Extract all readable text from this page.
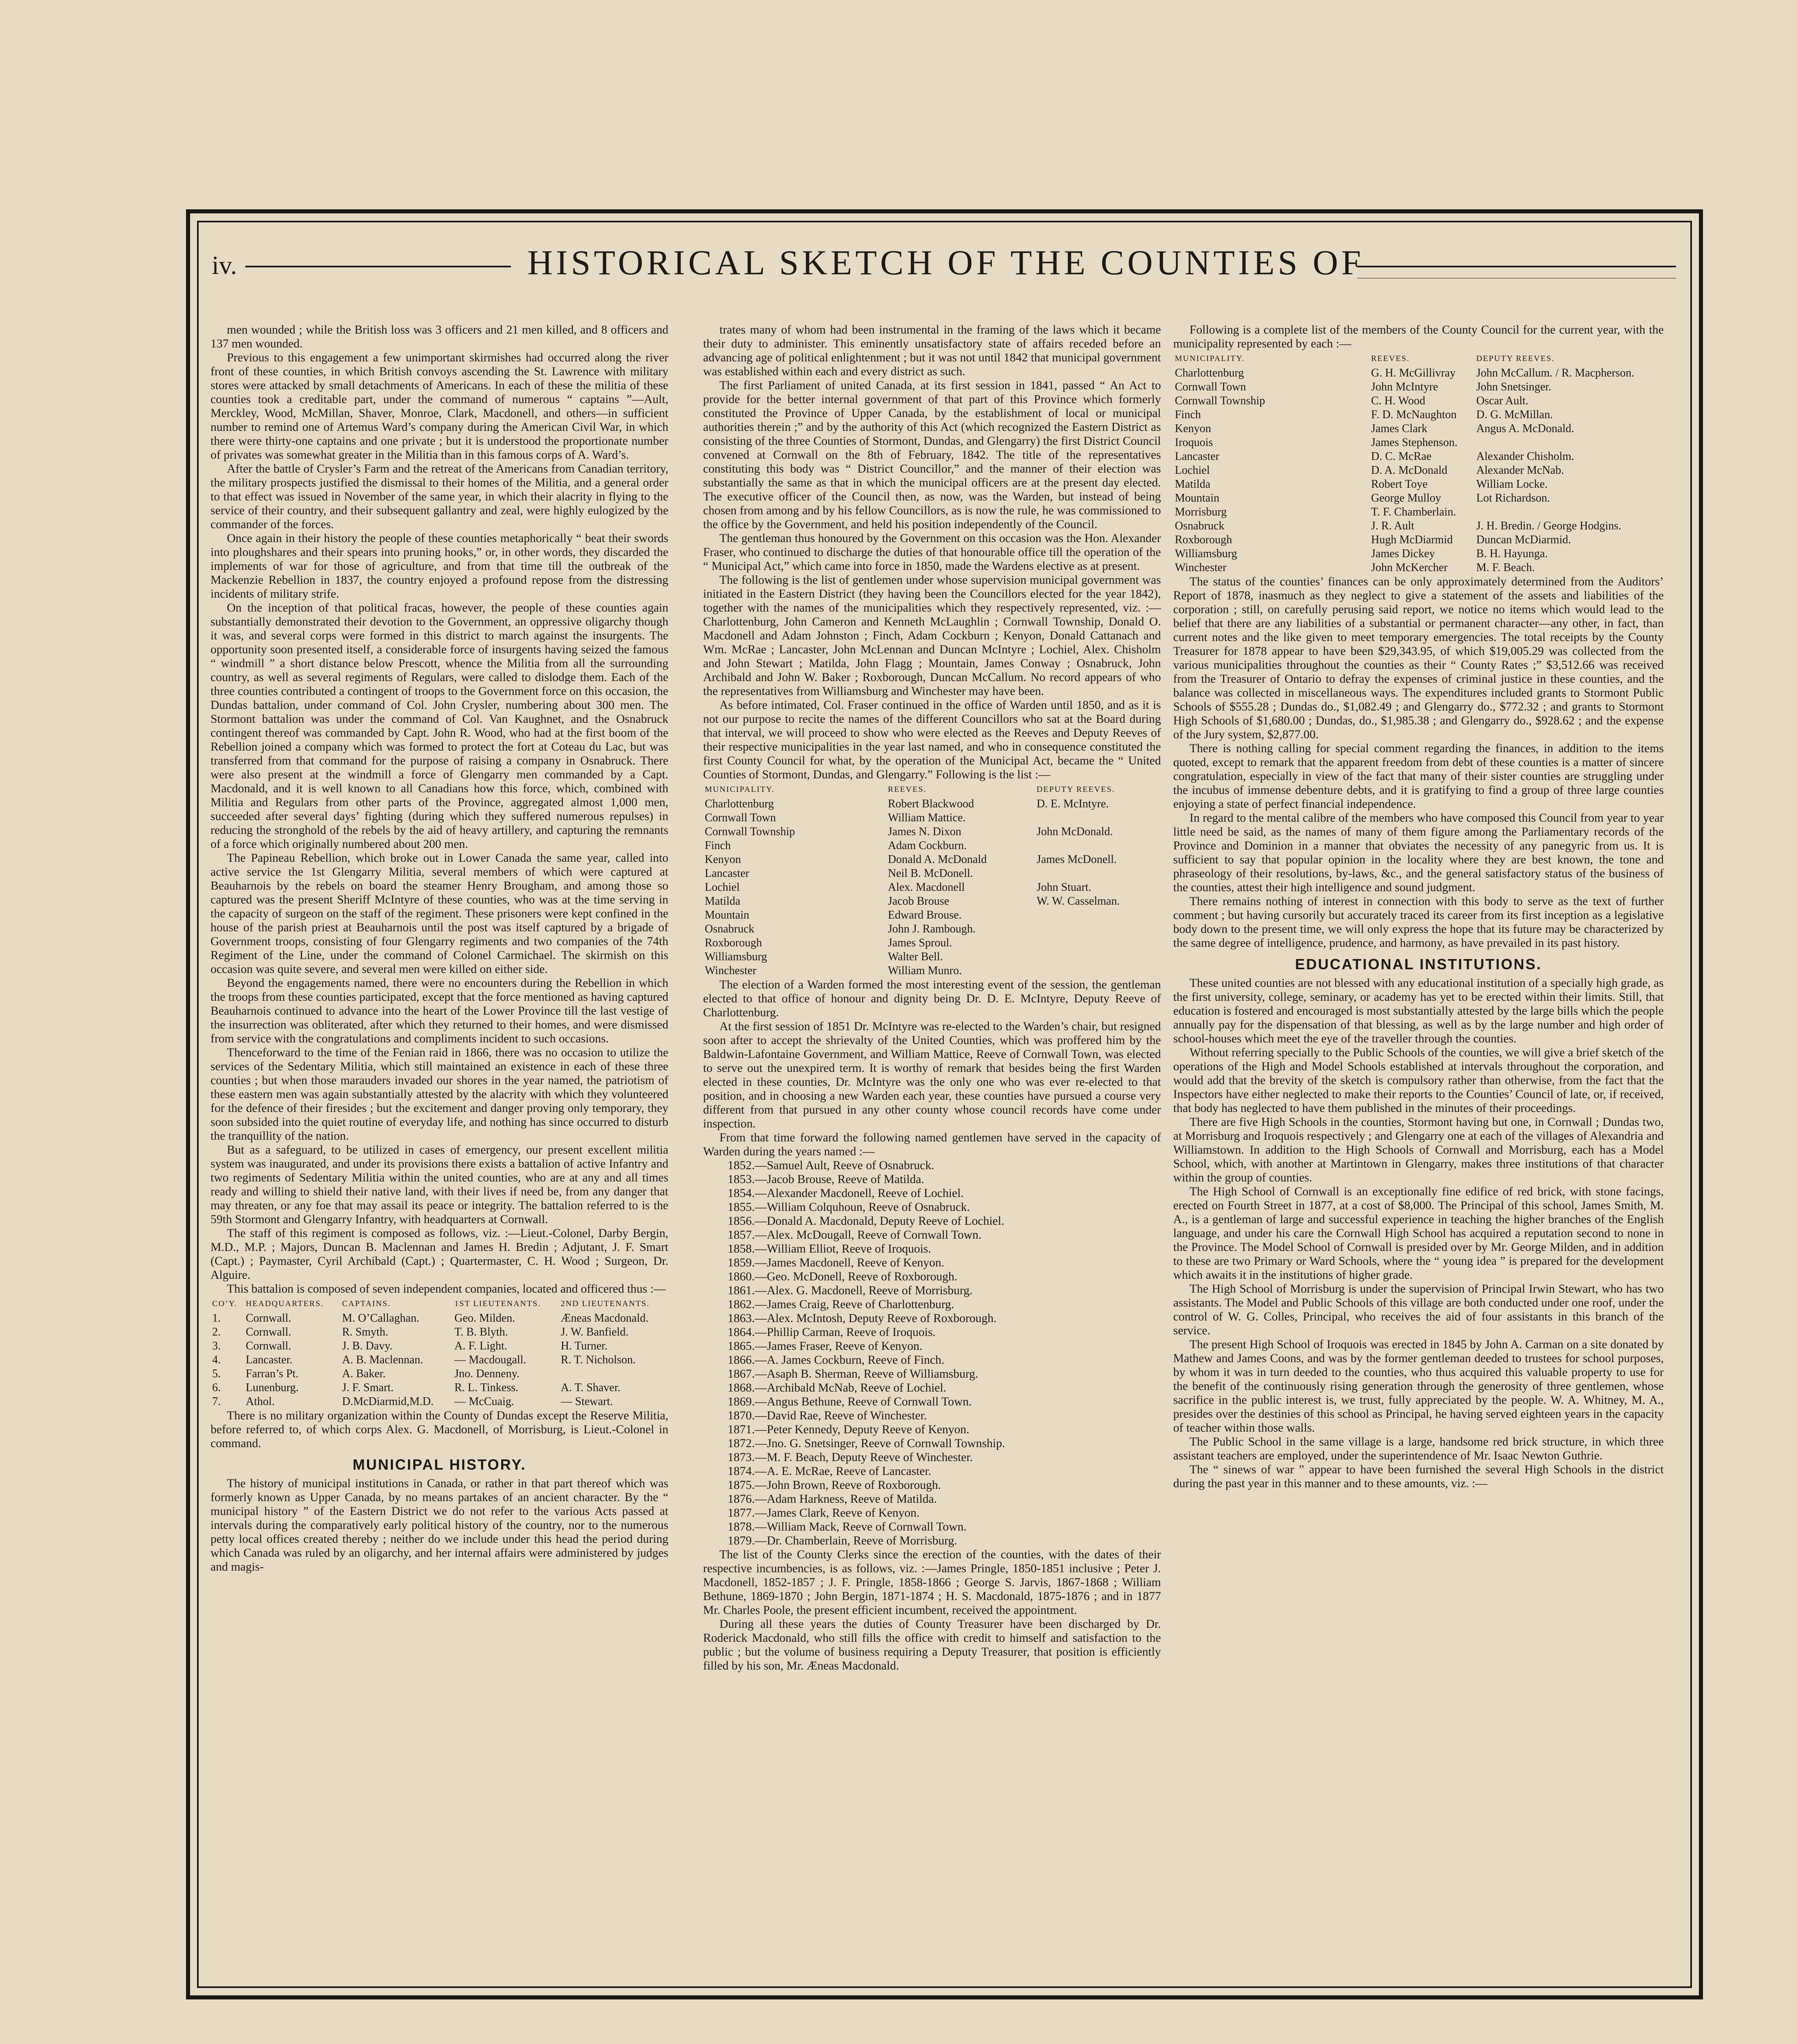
iv.	HISTORICAL SKETCH OF THE COUNTIES OF

men wounded ; while the British loss was 3 officers and 21 men killed, and 8 officers and 137 men wounded.

Previous to this engagement a few unimportant skirmishes had occurred along the river front of these counties, in which British convoys ascending the St. Lawrence with military stores were attacked by small detachments of Americans. In each of these the militia of these counties took a creditable part, under the command of numerous “ captains ”—Ault, Merckley, Wood, McMillan, Shaver, Monroe, Clark, Macdonell, and others—in sufficient number to remind one of Artemus Ward’s company during the American Civil War, in which there were thirty-one captains and one private ; but it is understood the proportionate number of privates was somewhat greater in the Militia than in this famous corps of A. Ward’s.

After the battle of Crysler’s Farm and the retreat of the Americans from Canadian territory, the military prospects justified the dismissal to their homes of the Militia, and a general order to that effect was issued in November of the same year, in which their alacrity in flying to the service of their country, and their subsequent gallantry and zeal, were highly eulogized by the commander of the forces.

Once again in their history the people of these counties metaphorically “ beat their swords into ploughshares and their spears into pruning hooks,” or, in other words, they discarded the implements of war for those of agriculture, and from that time till the outbreak of the Mackenzie Rebellion in 1837, the country enjoyed a profound repose from the distressing incidents of military strife.

On the inception of that political fracas, however, the people of these counties again substantially demonstrated their devotion to the Government, an oppressive oligarchy though it was, and several corps were formed in this district to march against the insurgents. The opportunity soon presented itself, a considerable force of insurgents having seized the famous “ windmill ” a short distance below Prescott, whence the Militia from all the surrounding country, as well as several regiments of Regulars, were called to dislodge them. Each of the three counties contributed a contingent of troops to the Government force on this occasion, the Dundas battalion, under command of Col. John Crysler, numbering about 300 men. The Stormont battalion was under the command of Col. Van Kaughnet, and the Osnabruck contingent thereof was commanded by Capt. John R. Wood, who had at the first boom of the Rebellion joined a company which was formed to protect the fort at Coteau du Lac, but was transferred from that command for the purpose of raising a company in Osnabruck. There were also present at the windmill a force of Glengarry men commanded by a Capt. Macdonald, and it is well known to all Canadians how this force, which, combined with Militia and Regulars from other parts of the Province, aggregated almost 1,000 men, succeeded after several days’ fighting (during which they suffered numerous repulses) in reducing the stronghold of the rebels by the aid of heavy artillery, and capturing the remnants of a force which originally numbered about 200 men.

The Papineau Rebellion, which broke out in Lower Canada the same year, called into active service the 1st Glengarry Militia, several members of which were captured at Beauharnois by the rebels on board the steamer Henry Brougham, and among those so captured was the present Sheriff McIntyre of these counties, who was at the time serving in the capacity of surgeon on the staff of the regiment. These prisoners were kept confined in the house of the parish priest at Beauharnois until the post was itself captured by a brigade of Government troops, consisting of four Glengarry regiments and two companies of the 74th Regiment of the Line, under the command of Colonel Carmichael. The skirmish on this occasion was quite severe, and several men were killed on either side.

Beyond the engagements named, there were no encounters during the Rebellion in which the troops from these counties participated, except that the force mentioned as having captured Beauharnois continued to advance into the heart of the Lower Province till the last vestige of the insurrection was obliterated, after which they returned to their homes, and were dismissed from service with the congratulations and compliments incident to such occasions.

Thenceforward to the time of the Fenian raid in 1866, there was no occasion to utilize the services of the Sedentary Militia, which still maintained an existence in each of these three counties ; but when those marauders invaded our shores in the year named, the patriotism of these eastern men was again substantially attested by the alacrity with which they volunteered for the defence of their firesides ; but the excitement and danger proving only temporary, they soon subsided into the quiet routine of everyday life, and nothing has since occurred to disturb the tranquillity of the nation.

But as a safeguard, to be utilized in cases of emergency, our present excellent militia system was inaugurated, and under its provisions there exists a battalion of active Infantry and two regiments of Sedentary Militia within the united counties, who are at any and all times ready and willing to shield their native land, with their lives if need be, from any danger that may threaten, or any foe that may assail its peace or integrity. The battalion referred to is the 59th Stormont and Glengarry Infantry, with headquarters at Cornwall.

The staff of this regiment is composed as follows, viz. :—Lieut.-Colonel, Darby Bergin, M.D., M.P. ; Majors, Duncan B. Maclennan and James H. Bredin ; Adjutant, J. F. Smart (Capt.) ; Paymaster, Cyril Archibald (Capt.) ; Quartermaster, C. H. Wood ; Surgeon, Dr. Alguire.

This battalion is composed of seven independent companies, located and officered thus :—

CO’Y.	HEADQUARTERS.	CAPTAINS.	1ST LIEUTENANTS.	2ND LIEUTENANTS.
1.	Cornwall.	M. O’Callaghan.	Geo. Milden.	Æneas Macdonald.
2.	Cornwall.	R. Smyth.	T. B. Blyth.	J. W. Banfield.
3.	Cornwall.	J. B. Davy.	A. F. Light.	H. Turner.
4.	Lancaster.	A. B. Maclennan.	— Macdougall.	R. T. Nicholson.
5.	Farran’s Pt.	A. Baker.	Jno. Denneny.	
6.	Lunenburg.	J. F. Smart.	R. L. Tinkess.	A. T. Shaver.
7.	Athol.	D.McDiarmid,M.D.	— McCuaig.	— Stewart.

There is no military organization within the County of Dundas except the Reserve Militia, before referred to, of which corps Alex. G. Macdonell, of Morrisburg, is Lieut.-Colonel in command.

MUNICIPAL HISTORY.

The history of municipal institutions in Canada, or rather in that part thereof which was formerly known as Upper Canada, by no means partakes of an ancient character. By the “ municipal history ” of the Eastern District we do not refer to the various Acts passed at intervals during the comparatively early political history of the country, nor to the numerous petty local offices created thereby ; neither do we include under this head the period during which Canada was ruled by an oligarchy, and her internal affairs were administered by judges and magis-

trates many of whom had been instrumental in the framing of the laws which it became their duty to administer. This eminently unsatisfactory state of affairs receded before an advancing age of political enlightenment ; but it was not until 1842 that municipal government was established within each and every district as such.

The first Parliament of united Canada, at its first session in 1841, passed “ An Act to provide for the better internal government of that part of this Province which formerly constituted the Province of Upper Canada, by the establishment of local or municipal authorities therein ;” and by the authority of this Act (which recognized the Eastern District as consisting of the three Counties of Stormont, Dundas, and Glengarry) the first District Council convened at Cornwall on the 8th of February, 1842. The title of the representatives constituting this body was “ District Councillor,” and the manner of their election was substantially the same as that in which the municipal officers are at the present day elected. The executive officer of the Council then, as now, was the Warden, but instead of being chosen from among and by his fellow Councillors, as is now the rule, he was commissioned to the office by the Government, and held his position independently of the Council.

The gentleman thus honoured by the Government on this occasion was the Hon. Alexander Fraser, who continued to discharge the duties of that honourable office till the operation of the “ Municipal Act,” which came into force in 1850, made the Wardens elective as at present.

The following is the list of gentlemen under whose supervision municipal government was initiated in the Eastern District (they having been the Councillors elected for the year 1842), together with the names of the municipalities which they respectively represented, viz. :—Charlottenburg, John Cameron and Kenneth McLaughlin ; Cornwall Township, Donald O. Macdonell and Adam Johnston ; Finch, Adam Cockburn ; Kenyon, Donald Cattanach and Wm. McRae ; Lancaster, John McLennan and Duncan McIntyre ; Lochiel, Alex. Chisholm and John Stewart ; Matilda, John Flagg ; Mountain, James Conway ; Osnabruck, John Archibald and John W. Baker ; Roxborough, Duncan McCallum. No record appears of who the representatives from Williamsburg and Winchester may have been.

As before intimated, Col. Fraser continued in the office of Warden until 1850, and as it is not our purpose to recite the names of the different Councillors who sat at the Board during that interval, we will proceed to show who were elected as the Reeves and Deputy Reeves of their respective municipalities in the year last named, and who in consequence constituted the first County Council for what, by the operation of the Municipal Act, became the “ United Counties of Stormont, Dundas, and Glengarry.” Following is the list :—

MUNICIPALITY.	REEVES.	DEPUTY REEVES.
Charlottenburg	Robert Blackwood	D. E. McIntyre.
Cornwall Town	William Mattice.	
Cornwall Township	James N. Dixon	John McDonald.
Finch	Adam Cockburn.	
Kenyon	Donald A. McDonald	James McDonell.
Lancaster	Neil B. McDonell.	
Lochiel	Alex. Macdonell	John Stuart.
Matilda	Jacob Brouse	W. W. Casselman.
Mountain	Edward Brouse.	
Osnabruck	John J. Rambough.	
Roxborough	James Sproul.	
Williamsburg	Walter Bell.	
Winchester	William Munro.	

The election of a Warden formed the most interesting event of the session, the gentleman elected to that office of honour and dignity being Dr. D. E. McIntyre, Deputy Reeve of Charlottenburg.

At the first session of 1851 Dr. McIntyre was re-elected to the Warden’s chair, but resigned soon after to accept the shrievalty of the United Counties, which was proffered him by the Baldwin-Lafontaine Government, and William Mattice, Reeve of Cornwall Town, was elected to serve out the unexpired term. It is worthy of remark that besides being the first Warden elected in these counties, Dr. McIntyre was the only one who was ever re-elected to that position, and in choosing a new Warden each year, these counties have pursued a course very different from that pursued in any other county whose council records have come under inspection.

From that time forward the following named gentlemen have served in the capacity of Warden during the years named :—

1852.—Samuel Ault, Reeve of Osnabruck.
1853.—Jacob Brouse, Reeve of Matilda.
1854.—Alexander Macdonell, Reeve of Lochiel.
1855.—William Colquhoun, Reeve of Osnabruck.
1856.—Donald A. Macdonald, Deputy Reeve of Lochiel.
1857.—Alex. McDougall, Reeve of Cornwall Town.
1858.—William Elliot, Reeve of Iroquois.
1859.—James Macdonell, Reeve of Kenyon.
1860.—Geo. McDonell, Reeve of Roxborough.
1861.—Alex. G. Macdonell, Reeve of Morrisburg.
1862.—James Craig, Reeve of Charlottenburg.
1863.—Alex. McIntosh, Deputy Reeve of Roxborough.
1864.—Phillip Carman, Reeve of Iroquois.
1865.—James Fraser, Reeve of Kenyon.
1866.—A. James Cockburn, Reeve of Finch.
1867.—Asaph B. Sherman, Reeve of Williamsburg.
1868.—Archibald McNab, Reeve of Lochiel.
1869.—Angus Bethune, Reeve of Cornwall Town.
1870.—David Rae, Reeve of Winchester.
1871.—Peter Kennedy, Deputy Reeve of Kenyon.
1872.—Jno. G. Snetsinger, Reeve of Cornwall Township.
1873.—M. F. Beach, Deputy Reeve of Winchester.
1874.—A. E. McRae, Reeve of Lancaster.
1875.—John Brown, Reeve of Roxborough.
1876.—Adam Harkness, Reeve of Matilda.
1877.—James Clark, Reeve of Kenyon.
1878.—William Mack, Reeve of Cornwall Town.
1879.—Dr. Chamberlain, Reeve of Morrisburg.

The list of the County Clerks since the erection of the counties, with the dates of their respective incumbencies, is as follows, viz. :—James Pringle, 1850-1851 inclusive ; Peter J. Macdonell, 1852-1857 ; J. F. Pringle, 1858-1866 ; George S. Jarvis, 1867-1868 ; William Bethune, 1869-1870 ; John Bergin, 1871-1874 ; H. S. Macdonald, 1875-1876 ; and in 1877 Mr. Charles Poole, the present efficient incumbent, received the appointment.

During all these years the duties of County Treasurer have been discharged by Dr. Roderick Macdonald, who still fills the office with credit to himself and satisfaction to the public ; but the volume of business requiring a Deputy Treasurer, that position is efficiently filled by his son, Mr. Æneas Macdonald.

Following is a complete list of the members of the County Council for the current year, with the municipality represented by each :—

MUNICIPALITY.	REEVES.	DEPUTY REEVES.
Charlottenburg	G. H. McGillivray	John McCallum. / R. Macpherson.
Cornwall Town	John McIntyre	John Snetsinger.
Cornwall Township	C. H. Wood	Oscar Ault.
Finch	F. D. McNaughton	D. G. McMillan.
Kenyon	James Clark	Angus A. McDonald.
Iroquois	James Stephenson.	
Lancaster	D. C. McRae	Alexander Chisholm.
Lochiel	D. A. McDonald	Alexander McNab.
Matilda	Robert Toye	William Locke.
Mountain	George Mulloy	Lot Richardson.
Morrisburg	T. F. Chamberlain.	
Osnabruck	J. R. Ault	J. H. Bredin. / George Hodgins.
Roxborough	Hugh McDiarmid	Duncan McDiarmid.
Williamsburg	James Dickey	B. H. Hayunga.
Winchester	John McKercher	M. F. Beach.

The status of the counties’ finances can be only approximately determined from the Auditors’ Report of 1878, inasmuch as they neglect to give a statement of the assets and liabilities of the corporation ; still, on carefully perusing said report, we notice no items which would lead to the belief that there are any liabilities of a substantial or permanent character—any other, in fact, than current notes and the like given to meet temporary emergencies. The total receipts by the County Treasurer for 1878 appear to have been $29,343.95, of which $19,005.29 was collected from the various municipalities throughout the counties as their “ County Rates ;” $3,512.66 was received from the Treasurer of Ontario to defray the expenses of criminal justice in these counties, and the balance was collected in miscellaneous ways. The expenditures included grants to Stormont Public Schools of $555.28 ; Dundas do., $1,082.49 ; and Glengarry do., $772.32 ; and grants to Stormont High Schools of $1,680.00 ; Dundas, do., $1,985.38 ; and Glengarry do., $928.62 ; and the expense of the Jury system, $2,877.00.

There is nothing calling for special comment regarding the finances, in addition to the items quoted, except to remark that the apparent freedom from debt of these counties is a matter of sincere congratulation, especially in view of the fact that many of their sister counties are struggling under the incubus of immense debenture debts, and it is gratifying to find a group of three large counties enjoying a state of perfect financial independence.

In regard to the mental calibre of the members who have composed this Council from year to year little need be said, as the names of many of them figure among the Parliamentary records of the Province and Dominion in a manner that obviates the necessity of any panegyric from us. It is sufficient to say that popular opinion in the locality where they are best known, the tone and phraseology of their resolutions, by-laws, &c., and the general satisfactory status of the business of the counties, attest their high intelligence and sound judgment.

There remains nothing of interest in connection with this body to serve as the text of further comment ; but having cursorily but accurately traced its career from its first inception as a legislative body down to the present time, we will only express the hope that its future may be characterized by the same degree of intelligence, prudence, and harmony, as have prevailed in its past history.

EDUCATIONAL INSTITUTIONS.

These united counties are not blessed with any educational institution of a specially high grade, as the first university, college, seminary, or academy has yet to be erected within their limits. Still, that education is fostered and encouraged is most substantially attested by the large bills which the people annually pay for the dispensation of that blessing, as well as by the large number and high order of school-houses which meet the eye of the traveller through the counties.

Without referring specially to the Public Schools of the counties, we will give a brief sketch of the operations of the High and Model Schools established at intervals throughout the corporation, and would add that the brevity of the sketch is compulsory rather than otherwise, from the fact that the Inspectors have either neglected to make their reports to the Counties’ Council of late, or, if received, that body has neglected to have them published in the minutes of their proceedings.

There are five High Schools in the counties, Stormont having but one, in Cornwall ; Dundas two, at Morrisburg and Iroquois respectively ; and Glengarry one at each of the villages of Alexandria and Williamstown. In addition to the High Schools of Cornwall and Morrisburg, each has a Model School, which, with another at Martintown in Glengarry, makes three institutions of that character within the group of counties.

The High School of Cornwall is an exceptionally fine edifice of red brick, with stone facings, erected on Fourth Street in 1877, at a cost of $8,000. The Principal of this school, James Smith, M. A., is a gentleman of large and successful experience in teaching the higher branches of the English language, and under his care the Cornwall High School has acquired a reputation second to none in the Province. The Model School of Cornwall is presided over by Mr. George Milden, and in addition to these are two Primary or Ward Schools, where the “ young idea ” is prepared for the development which awaits it in the institutions of higher grade.

The High School of Morrisburg is under the supervision of Principal Irwin Stewart, who has two assistants. The Model and Public Schools of this village are both conducted under one roof, under the control of W. G. Colles, Principal, who receives the aid of four assistants in this branch of the service.

The present High School of Iroquois was erected in 1845 by John A. Carman on a site donated by Mathew and James Coons, and was by the former gentleman deeded to trustees for school purposes, by whom it was in turn deeded to the counties, who thus acquired this valuable property to use for the benefit of the continuously rising generation through the generosity of three gentlemen, whose sacrifice in the public interest is, we trust, fully appreciated by the people. W. A. Whitney, M. A., presides over the destinies of this school as Principal, he having served eighteen years in the capacity of teacher within those walls.

The Public School in the same village is a large, handsome red brick structure, in which three assistant teachers are employed, under the superintendence of Mr. Isaac Newton Guthrie.

The “ sinews of war ” appear to have been furnished the several High Schools in the district during the past year in this manner and to these amounts, viz. :—
